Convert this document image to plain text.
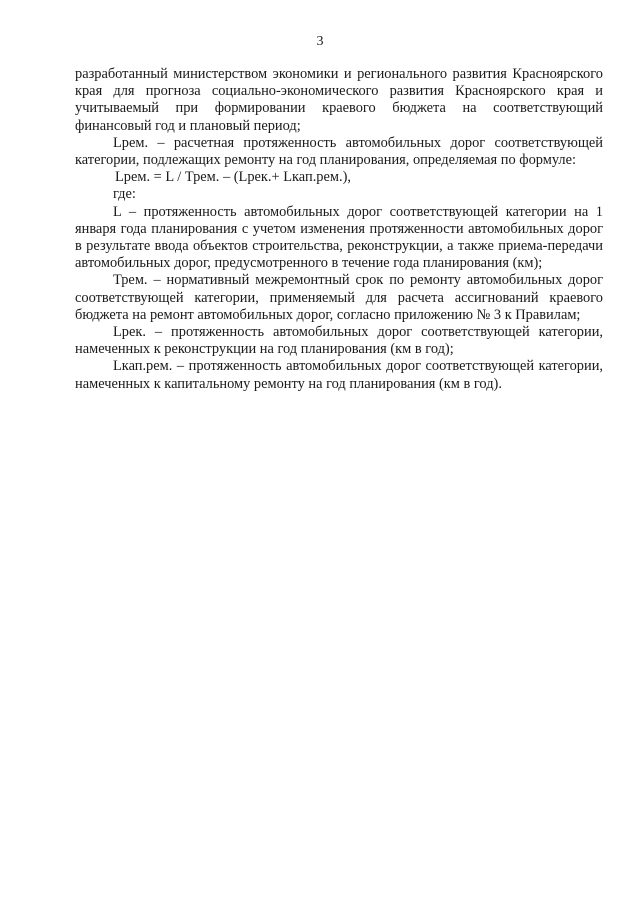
3

разработанный министерством экономики и регионального развития Красноярского края для прогноза социально-экономического развития Красноярского края и учитываемый при формировании краевого бюджета на соответствующий финансовый год и плановый период;

Lрем. – расчетная протяженность автомобильных дорог соответствующей категории, подлежащих ремонту на год планирования, определяемая по формуле:

Lрем. = L / Трем. – (Lрек.+ Lкап.рем.),

где:

L – протяженность автомобильных дорог соответствующей категории на 1 января года планирования с учетом изменения протяженности автомобильных дорог в результате ввода объектов строительства, реконструкции, а также приема-передачи автомобильных дорог, предусмотренного в течение года планирования (км);

Трем. – нормативный межремонтный срок по ремонту автомобильных дорог соответствующей категории, применяемый для расчета ассигнований краевого бюджета на ремонт автомобильных дорог, согласно приложению № 3 к Правилам;

Lрек. – протяженность автомобильных дорог соответствующей категории, намеченных к реконструкции на год планирования (км в год);

Lкап.рем. – протяженность автомобильных дорог соответствующей категории, намеченных к капитальному ремонту на год планирования (км в год).
